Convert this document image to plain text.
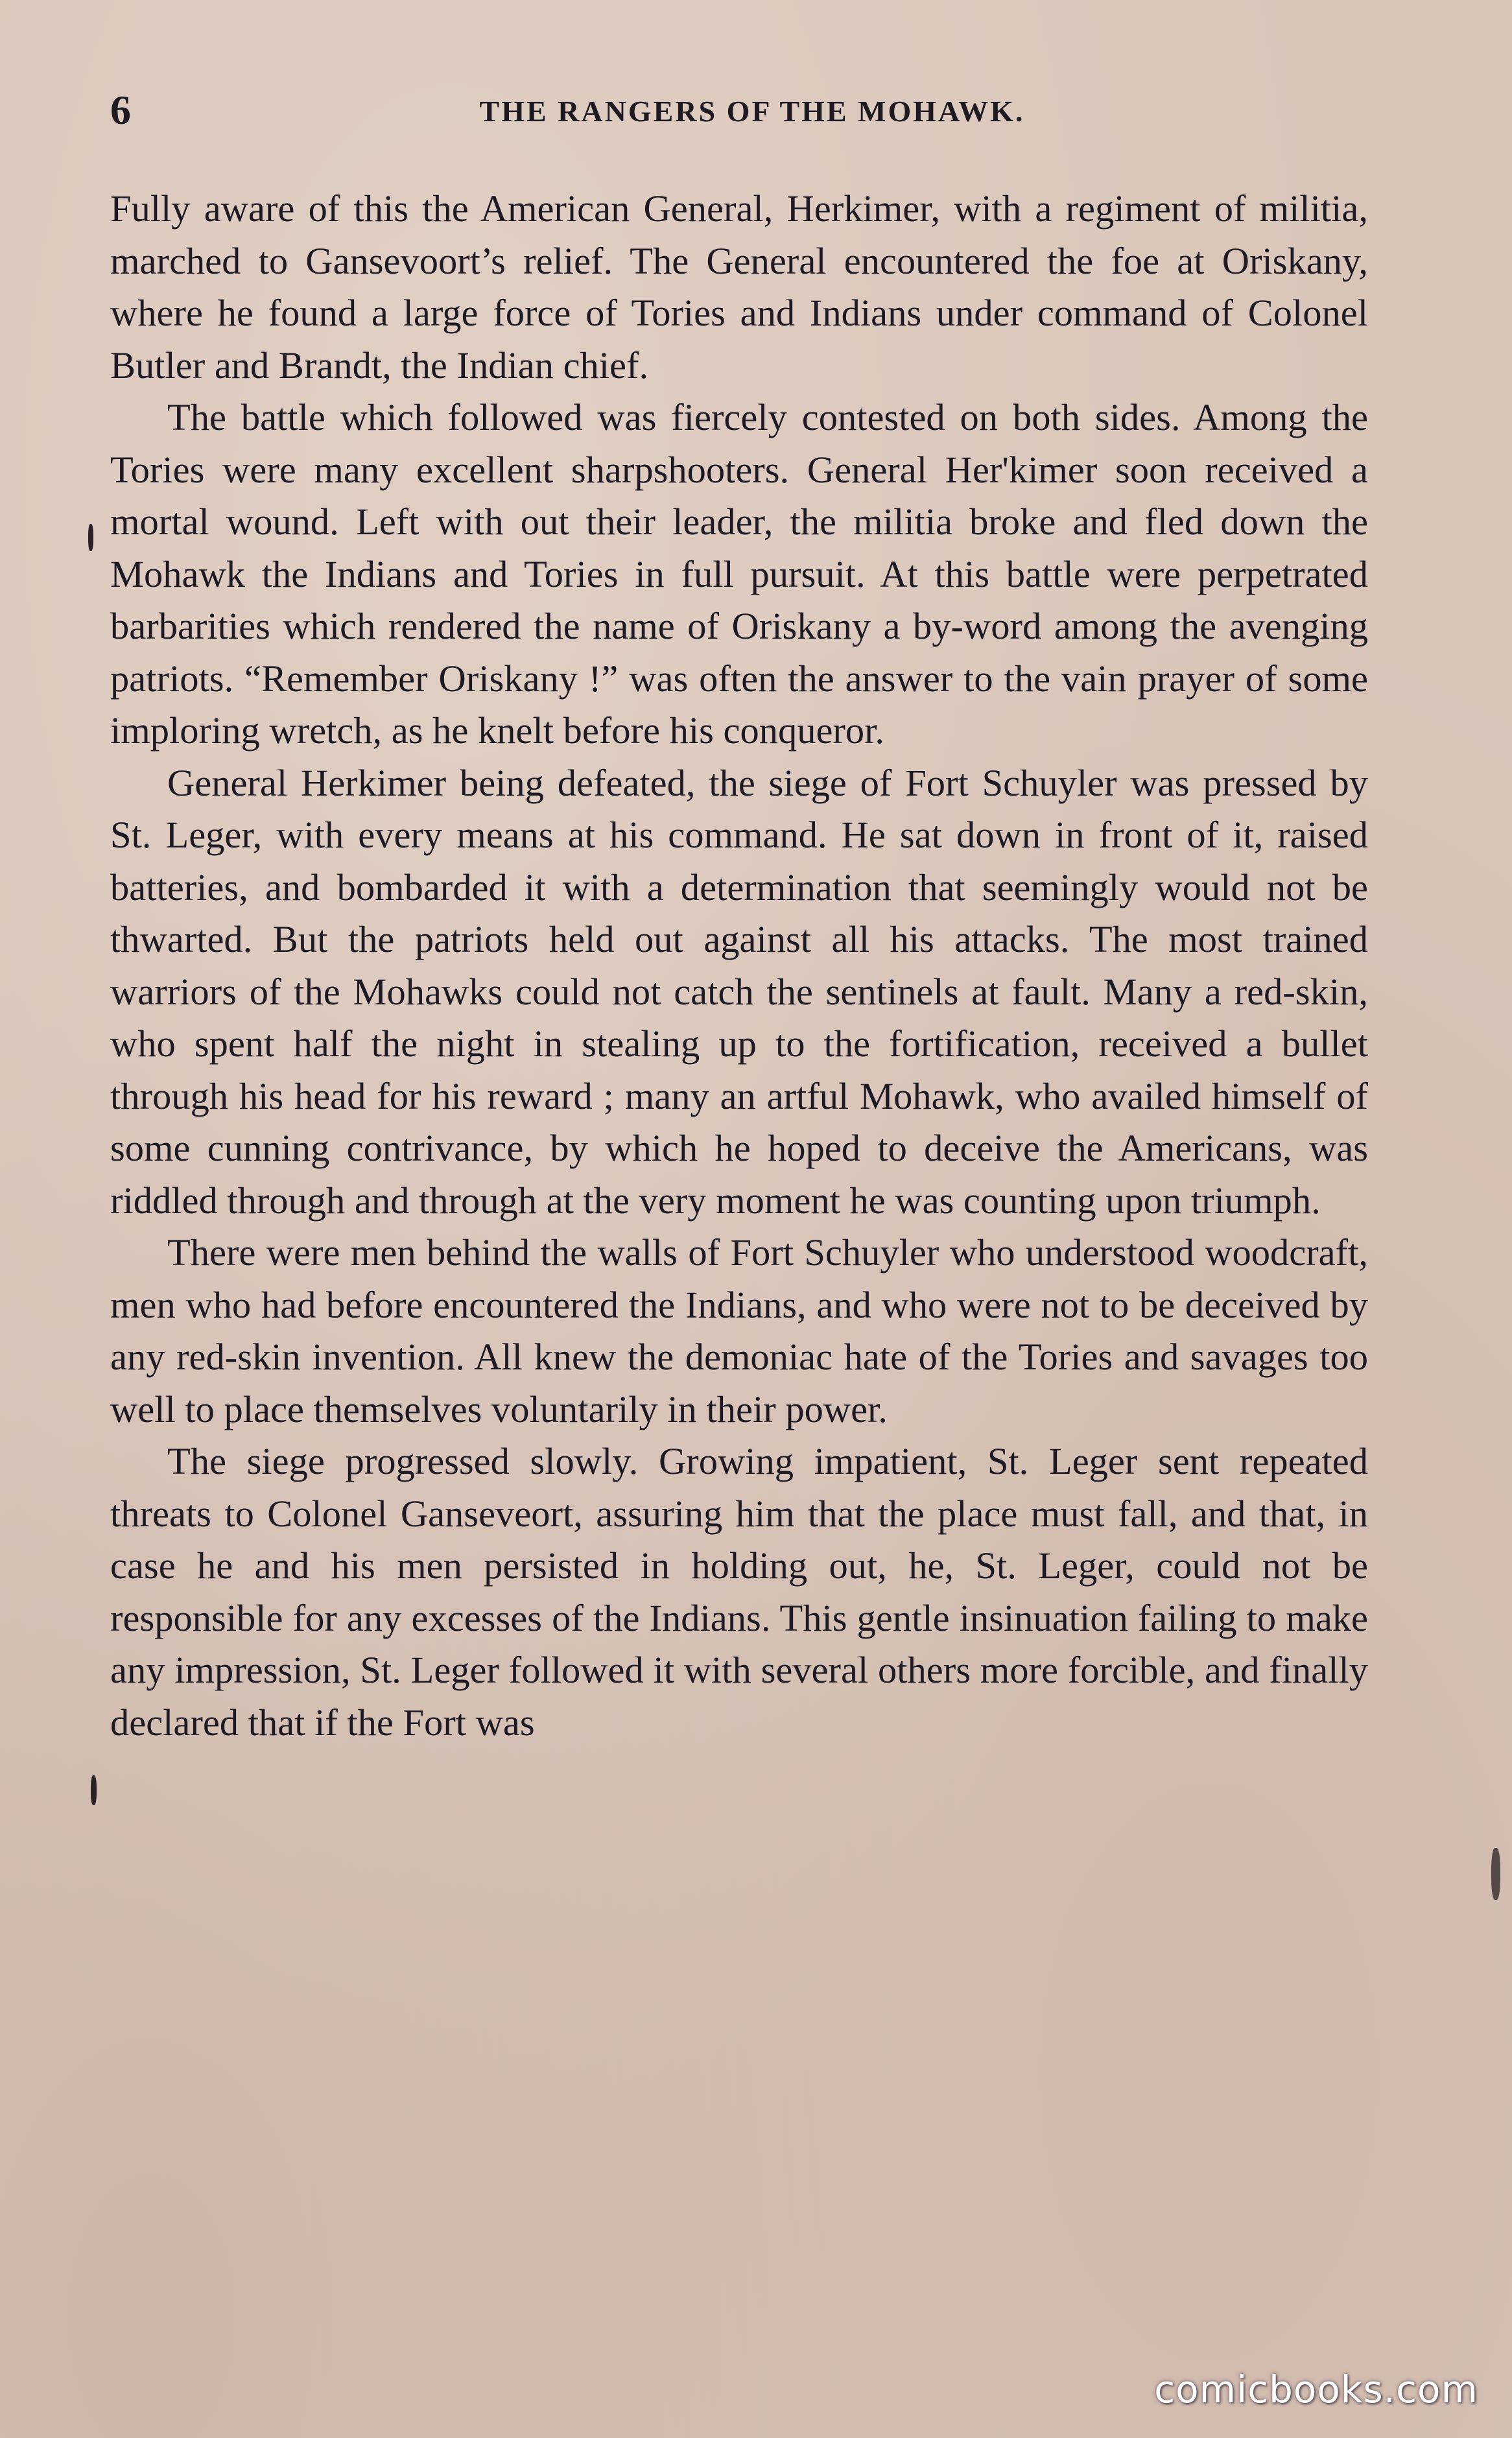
6	THE RANGERS OF THE MOHAWK.

Fully aware of this the American General, Herkimer, with a regiment of militia, marched to Gansevoort’s relief. The General encountered the foe at Oriskany, where he found a large force of Tories and Indians under command of Colonel Butler and Brandt, the Indian chief.

The battle which followed was fiercely contested on both sides. Among the Tories were many excellent sharpshooters. General Her'kimer soon received a mortal wound. Left with out their leader, the militia broke and fled down the Mohawk the Indians and Tories in full pursuit. At this battle were perpetrated barbarities which rendered the name of Oriskany a by-word among the avenging patriots. “Remember Oriskany !” was often the answer to the vain prayer of some imploring wretch, as he knelt before his conqueror.

General Herkimer being defeated, the siege of Fort Schuyler was pressed by St. Leger, with every means at his command. He sat down in front of it, raised batteries, and bombarded it with a determination that seemingly would not be thwarted. But the patriots held out against all his attacks. The most trained warriors of the Mohawks could not catch the sentinels at fault. Many a red-skin, who spent half the night in stealing up to the fortification, received a bullet through his head for his reward ; many an artful Mohawk, who availed himself of some cunning contrivance, by which he hoped to deceive the Americans, was riddled through and through at the very moment he was counting upon triumph.

There were men behind the walls of Fort Schuyler who understood woodcraft, men who had before encountered the Indians, and who were not to be deceived by any red-skin invention. All knew the demoniac hate of the Tories and savages too well to place themselves voluntarily in their power.

The siege progressed slowly. Growing impatient, St. Leger sent repeated threats to Colonel Ganseveort, assuring him that the place must fall, and that, in case he and his men persisted in holding out, he, St. Leger, could not be responsible for any excesses of the Indians. This gentle insinuation failing to make any impression, St. Leger followed it with several others more forcible, and finally declared that if the Fort was

comicbooks.com
